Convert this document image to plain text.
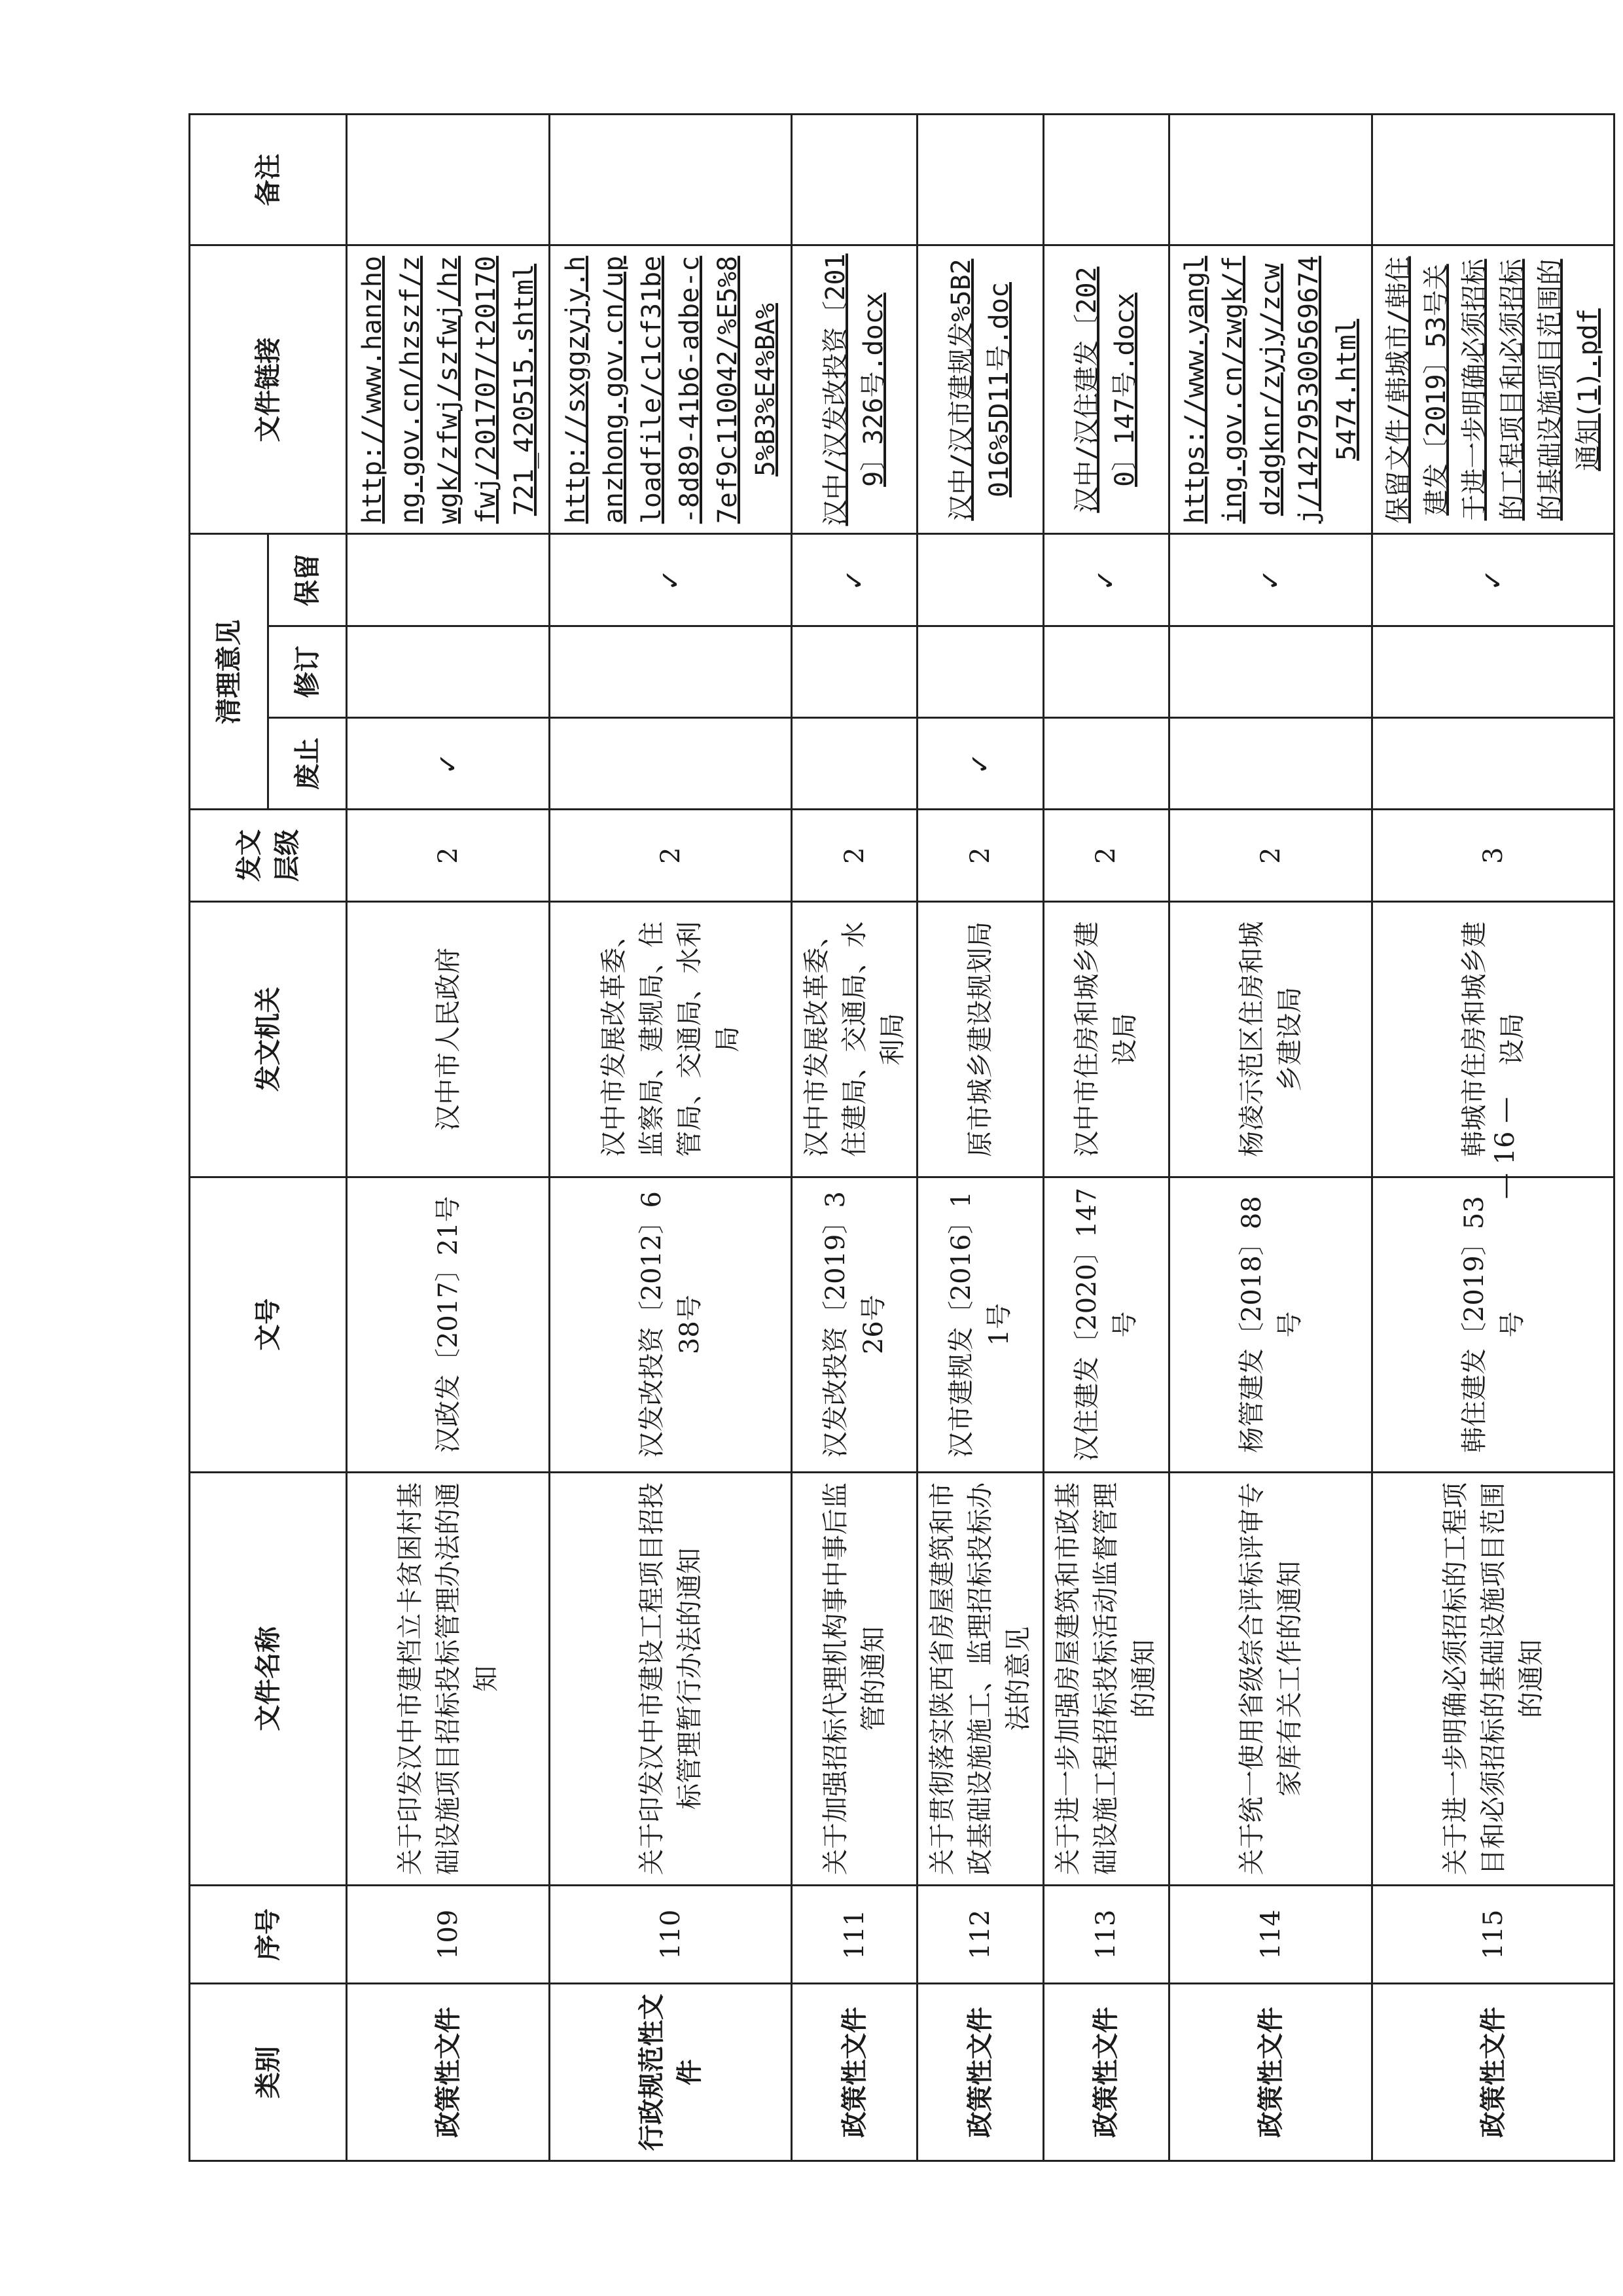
类别	序号	文件名称	文号	发文机关	发文层级	清理意见			文件链接	备注
						废止	修订	保留		
政策性文件	109	关于印发汉中市建档立卡贫困村基础设施项目招标投标管理办法的通知	汉政发〔2017〕21号	汉中市人民政府	2	✓			http://www.hanzhong.gov.cn/hzszf/zwgk/zfwj/szfwj/hzfwj/201707/t20170721_420515.shtml	
行政规范性文件	110	关于印发汉中市建设工程项目招投标管理暂行办法的通知	汉发改投资〔2012〕638号	汉中市发展改革委、监察局、建规局、住管局、交通局、水利局	2			✓	http://sxggzyjy.hanzhong.gov.cn/uploadfile/c1cf31be-8d89-41b6-adbe-c7ef9c110042/%E5%85%B3%E4%BA%	
政策性文件	111	关于加强招标代理机构事中事后监管的通知	汉发改投资〔2019〕326号	汉中市发展改革委、住建局、交通局、水利局	2			✓	汉中/汉发改投资〔2019〕326号.docx	
政策性文件	112	关于贯彻落实陕西省房屋建筑和市政基础设施施工、监理招标投标办法的意见	汉市建规发〔2016〕11号	原市城乡建设规划局	2	✓			汉中/汉市建规发%5B2016%5D11号.doc	
政策性文件	113	关于进一步加强房屋建筑和市政基础设施工程招标投标活动监督管理的通知	汉住建发〔2020〕147号	汉中市住房和城乡建设局	2			✓	汉中/汉住建发〔2020〕147号.docx	
政策性文件	114	关于统一使用省级综合评标评审专家库有关工作的通知	杨管建发〔2018〕88号	杨凌示范区住房和城乡建设局	2			✓	https://www.yangling.gov.cn/zwgk/fdzdgknr/zyjy/zcwj/1427953005696745474.html	
政策性文件	115	关于进一步明确必须招标的工程项目和必须招标的基础设施项目范围的通知	韩住建发〔2019〕53号	韩城市住房和城乡建设局	3			✓	保留文件/韩城市/韩住建发〔2019〕53号关于进一步明确必须招标的工程项目和必须招标的基础设施项目范围的通知(1).pdf	
— 16 —
